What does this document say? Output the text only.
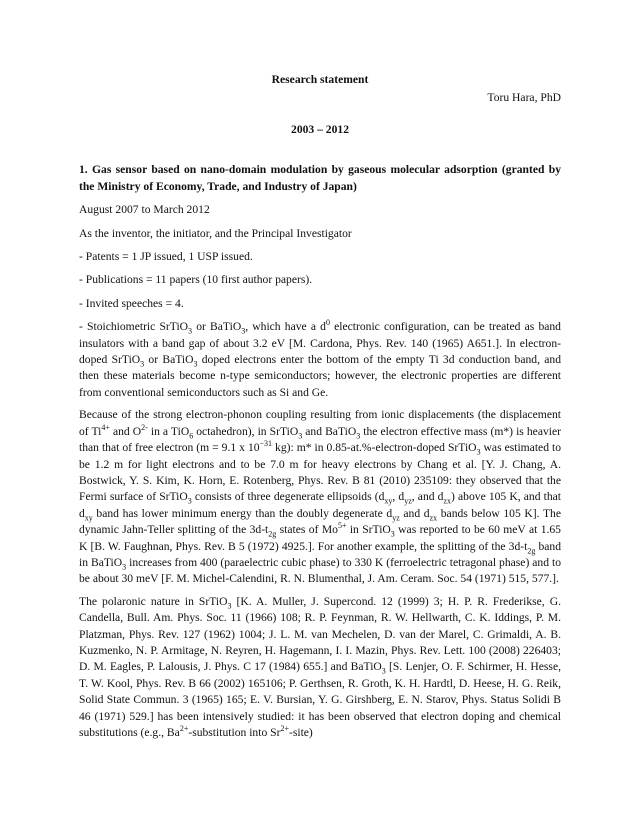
Research statement

Toru Hara, PhD

2003 – 2012

1. Gas sensor based on nano-domain modulation by gaseous molecular adsorption (granted by the Ministry of Economy, Trade, and Industry of Japan)

August 2007 to March 2012

As the inventor, the initiator, and the Principal Investigator

- Patents = 1 JP issued, 1 USP issued.

- Publications = 11 papers (10 first author papers).

- Invited speeches = 4.

- Stoichiometric SrTiO$_3$ or BaTiO$_3$, which have a $d^0$ electronic configuration, can be treated as band insulators with a band gap of about 3.2 eV [M. Cardona, Phys. Rev. 140 (1965) A651.]. In electron-doped SrTiO$_3$ or BaTiO$_3$ doped electrons enter the bottom of the empty Ti 3d conduction band, and then these materials become n-type semiconductors; however, the electronic properties are different from conventional semiconductors such as Si and Ge.

Because of the strong electron-phonon coupling resulting from ionic displacements (the displacement of $Ti^{4+}$ and $O^{2-}$ in a TiO$_6$ octahedron), in SrTiO$_3$ and BaTiO$_3$ the electron effective mass (m*) is heavier than that of free electron (m = 9.1 x $10^{-31}$ kg): m* in 0.85-at.%-electron-doped SrTiO$_3$ was estimated to be 1.2 m for light electrons and to be 7.0 m for heavy electrons by Chang et al. [Y. J. Chang, A. Bostwick, Y. S. Kim, K. Horn, E. Rotenberg, Phys. Rev. B 81 (2010) 235109: they observed that the Fermi surface of SrTiO$_3$ consists of three degenerate ellipsoids ($d_{xy}$, $d_{yz}$, and $d_{zx}$) above 105 K, and that $d_{xy}$ band has lower minimum energy than the doubly degenerate $d_{yz}$ and $d_{zx}$ bands below 105 K]. The dynamic Jahn-Teller splitting of the $3d-t_{2g}$ states of $Mo^{5+}$ in SrTiO$_3$ was reported to be 60 meV at 1.65 K [B. W. Faughnan, Phys. Rev. B 5 (1972) 4925.]. For another example, the splitting of the $3d-t_{2g}$ band in BaTiO$_3$ increases from 400 (paraelectric cubic phase) to 330 K (ferroelectric tetragonal phase) and to be about 30 meV [F. M. Michel-Calendini, R. N. Blumenthal, J. Am. Ceram. Soc. 54 (1971) 515, 577.].

The polaronic nature in SrTiO$_3$ [K. A. Muller, J. Supercond. 12 (1999) 3; H. P. R. Frederikse, G. Candella, Bull. Am. Phys. Soc. 11 (1966) 108; R. P. Feynman, R. W. Hellwarth, C. K. Iddings, P. M. Platzman, Phys. Rev. 127 (1962) 1004; J. L. M. van Mechelen, D. van der Marel, C. Grimaldi, A. B. Kuzmenko, N. P. Armitage, N. Reyren, H. Hagemann, I. I. Mazin, Phys. Rev. Lett. 100 (2008) 226403; D. M. Eagles, P. Lalousis, J. Phys. C 17 (1984) 655.] and BaTiO$_3$ [S. Lenjer, O. F. Schirmer, H. Hesse, T. W. Kool, Phys. Rev. B 66 (2002) 165106; P. Gerthsen, R. Groth, K. H. Hardtl, D. Heese, H. G. Reik, Solid State Commun. 3 (1965) 165; E. V. Bursian, Y. G. Girshberg, E. N. Starov, Phys. Status Solidi B 46 (1971) 529.] has been intensively studied: it has been observed that electron doping and chemical substitutions (e.g., $Ba^{2+}$-substitution into $Sr^{2+}-site$)
